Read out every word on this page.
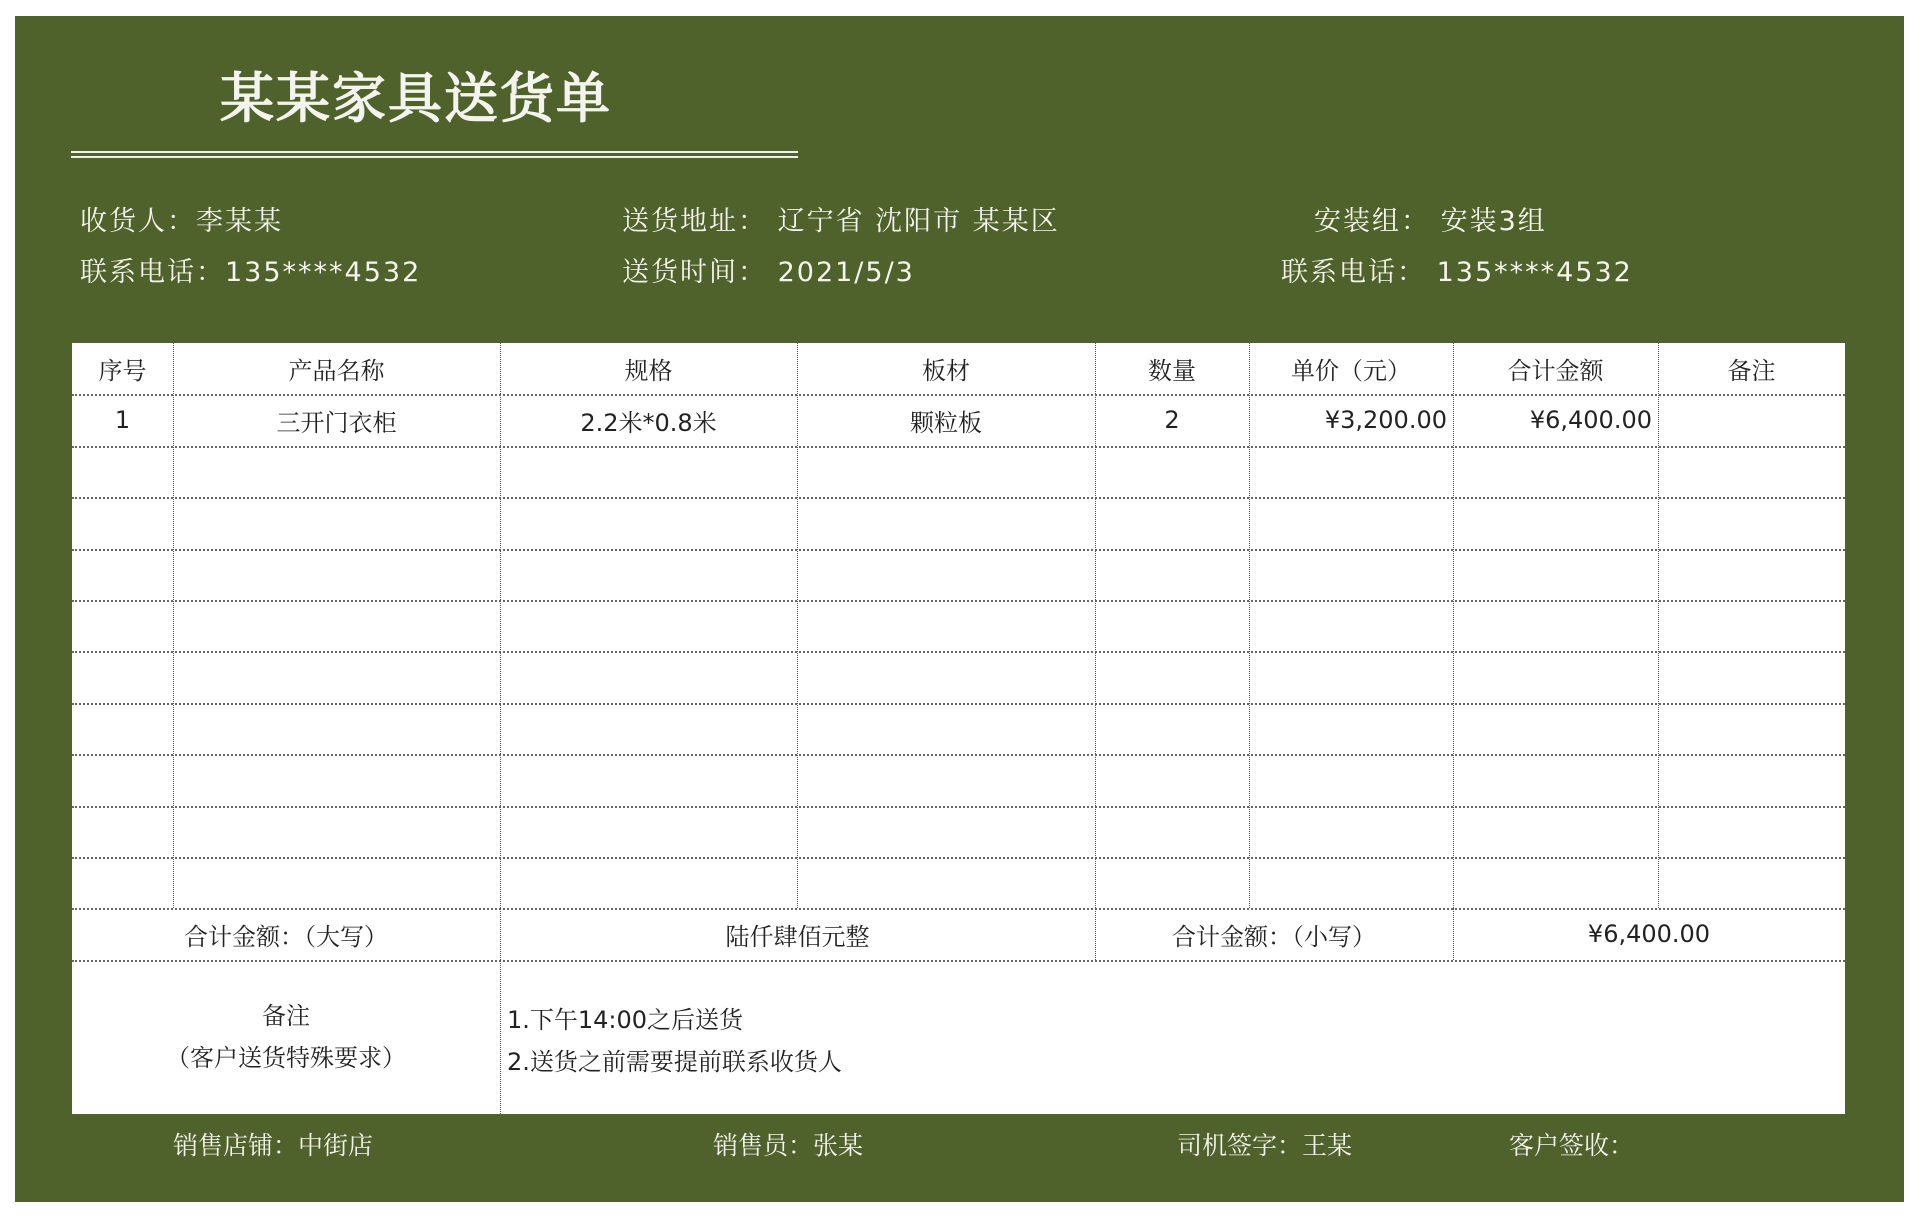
某某家具送货单
收货人：李某某
联系电话：135****4532
送货地址： 辽宁省 沈阳市 某某区
送货时间： 2021/5/3
安装组： 安装3组
联系电话： 135****4532
序号	产品名称	规格	板材	数量	单价（元）	合计金额	备注
1	三开门衣柜	2.2米*0.8米	颗粒板	2	¥3,200.00	¥6,400.00
合计金额：（大写）	陆仟肆佰元整	合计金额：（小写）	¥6,400.00
备注
（客户送货特殊要求）
1.下午14:00之后送货
2.送货之前需要提前联系收货人
销售店铺：中街店	销售员：张某	司机签字：王某	客户签收：
